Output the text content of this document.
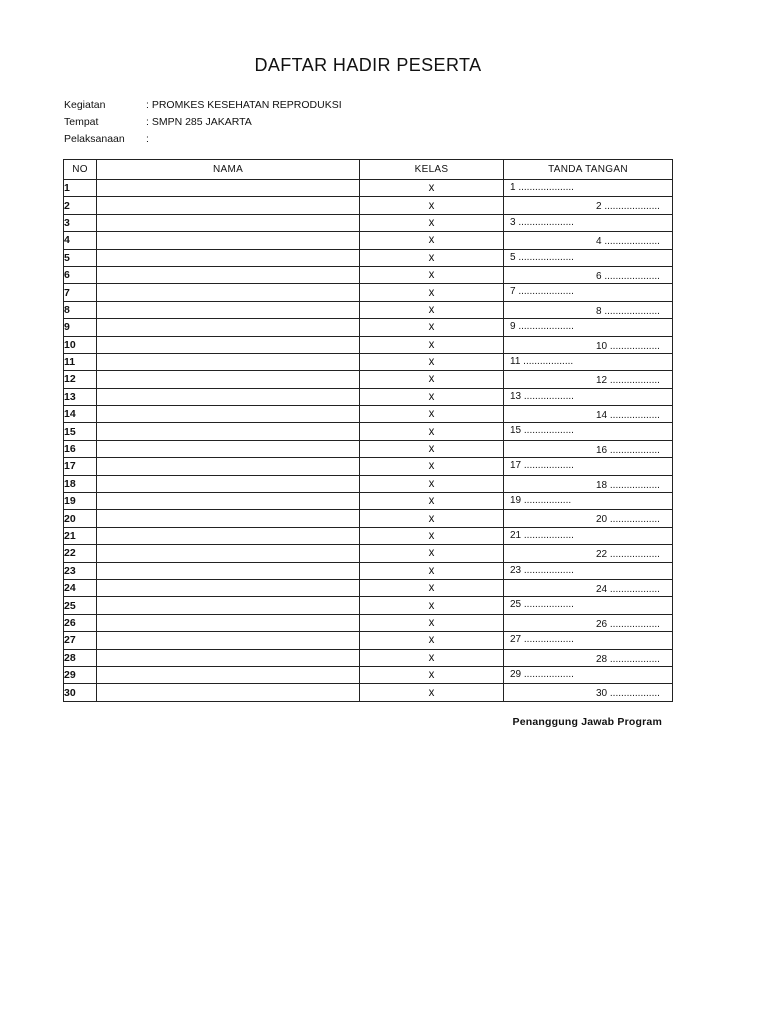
DAFTAR HADIR PESERTA
Kegiatan	: PROMKES KESEHATAN REPRODUKSI
Tempat	: SMPN 285 JAKARTA
Pelaksanaan	:
NO	NAMA	KELAS	TANDA TANGAN
1		x	1 ....................

2		x	2 ....................

3		x	3 ....................

4		x	4 ....................

5		x	5 ....................

6		x	6 ....................

7		x	7 ....................

8		x	8 ....................

9		x	9 ....................

10		x	10 ..................

11		x	11 ..................

12		x	12 ..................

13		x	13 ..................

14		x	14 ..................

15		x	15 ..................

16		x	16 ..................

17		x	17 ..................

18		x	18 ..................

19		x	19 .................

20		x	20 ..................

21		x	21 ..................

22		x	22 ..................

23		x	23 ..................

24		x	24 ..................

25		x	25 ..................

26		x	26 ..................

27		x	27 ..................

28		x	28 ..................

29		x	29 ..................

30		x	30 ..................
Penanggung Jawab Program
